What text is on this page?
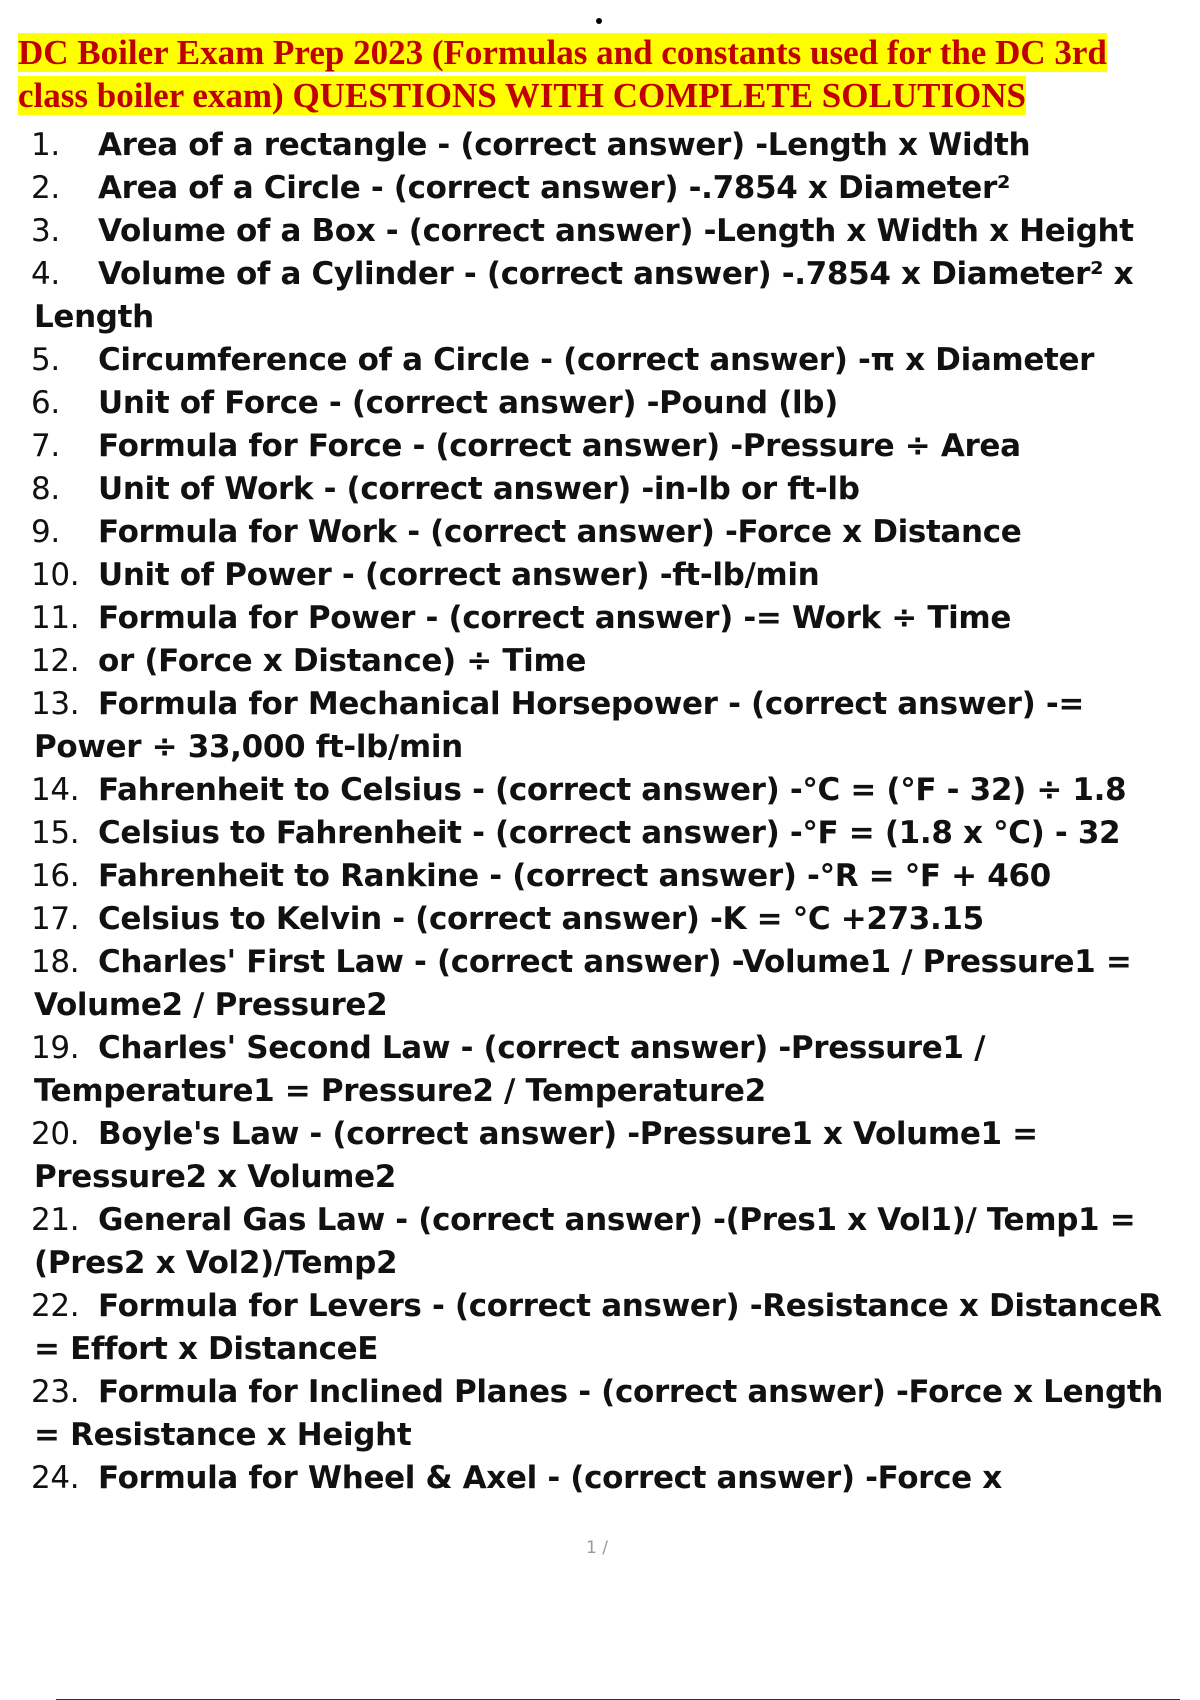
DC Boiler Exam Prep 2023 (Formulas and constants used for the DC 3rd class boiler exam) QUESTIONS WITH COMPLETE SOLUTIONS
1. Area of a rectangle - (correct answer) -Length x Width
2. Area of a Circle - (correct answer) -.7854 x Diameter²
3. Volume of a Box - (correct answer) -Length x Width x Height
4. Volume of a Cylinder - (correct answer) -.7854 x Diameter² x Length
5. Circumference of a Circle - (correct answer) -π x Diameter
6. Unit of Force - (correct answer) -Pound (lb)
7. Formula for Force - (correct answer) -Pressure ÷ Area
8. Unit of Work - (correct answer) -in-lb or ft-lb
9. Formula for Work - (correct answer) -Force x Distance
10. Unit of Power - (correct answer) -ft-lb/min
11. Formula for Power - (correct answer) -= Work ÷ Time
12. or (Force x Distance) ÷ Time
13. Formula for Mechanical Horsepower - (correct answer) -= Power ÷ 33,000 ft-lb/min
14. Fahrenheit to Celsius - (correct answer) -°C = (°F - 32) ÷ 1.8
15. Celsius to Fahrenheit - (correct answer) -°F = (1.8 x °C) - 32
16. Fahrenheit to Rankine - (correct answer) -°R = °F + 460
17. Celsius to Kelvin - (correct answer) -K = °C +273.15
18. Charles' First Law - (correct answer) -Volume1 / Pressure1 = Volume2 / Pressure2
19. Charles' Second Law - (correct answer) -Pressure1 / Temperature1 = Pressure2 / Temperature2
20. Boyle's Law - (correct answer) -Pressure1 x Volume1 = Pressure2 x Volume2
21. General Gas Law - (correct answer) -(Pres1 x Vol1)/ Temp1 = (Pres2 x Vol2)/Temp2
22. Formula for Levers - (correct answer) -Resistance x DistanceR = Effort x DistanceE
23. Formula for Inclined Planes - (correct answer) -Force x Length = Resistance x Height
24. Formula for Wheel & Axel - (correct answer) -Force x
1 /
